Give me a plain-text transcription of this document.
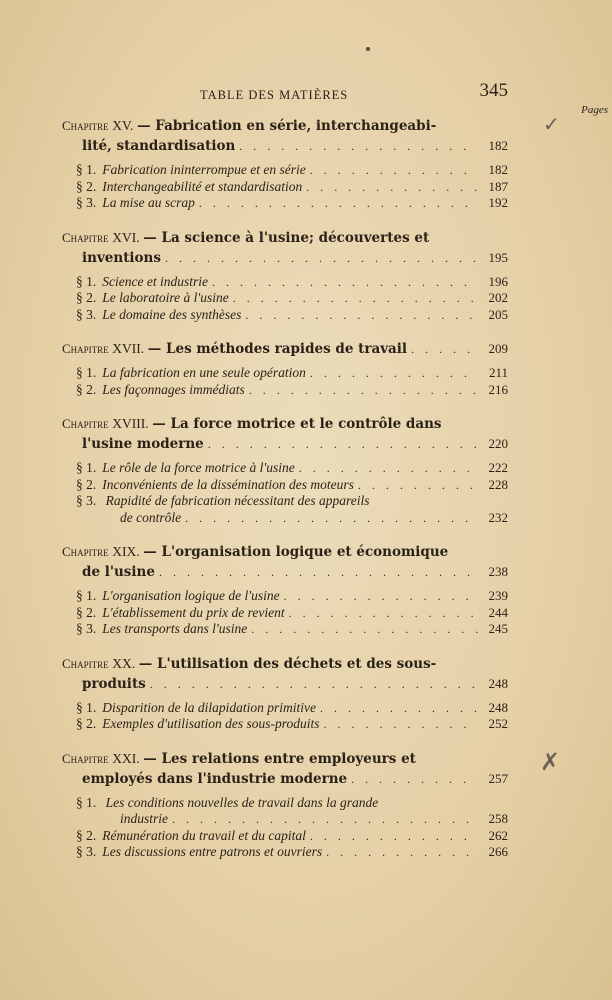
✓
✗
TABLE DES MATIÈRES	345
Pages
Chapitre XV. — Fabrication en série, interchangeabi-
lité, standardisation . . .	182
§ 1. Fabrication ininterrompue et en série . . .	182
§ 2. Interchangeabilité et standardisation . . .	187
§ 3. La mise au scrap . . .	192
Chapitre XVI. — La science à l'usine; découvertes et
inventions . . .	195
§ 1. Science et industrie . . .	196
§ 2. Le laboratoire à l'usine . . .	202
§ 3. Le domaine des synthèses . . .	205
Chapitre XVII. — Les méthodes rapides de travail . . .	209
§ 1. La fabrication en une seule opération . . .	211
§ 2. Les façonnages immédiats . . .	216
Chapitre XVIII. — La force motrice et le contrôle dans
l'usine moderne . . .	220
§ 1. Le rôle de la force motrice à l'usine . . .	222
§ 2. Inconvénients de la dissémination des moteurs . . .	228
§ 3. Rapidité de fabrication nécessitant des appareils
de contrôle . . .	232
Chapitre XIX. — L'organisation logique et économique
de l'usine . . .	238
§ 1. L'organisation logique de l'usine . . .	239
§ 2. L'établissement du prix de revient . . .	244
§ 3. Les transports dans l'usine . . .	245
Chapitre XX. — L'utilisation des déchets et des sous-
produits . . .	248
§ 1. Disparition de la dilapidation primitive . . .	248
§ 2. Exemples d'utilisation des sous-produits . . .	252
Chapitre XXI. — Les relations entre employeurs et
employés dans l'industrie moderne . . .	257
§ 1. Les conditions nouvelles de travail dans la grande
industrie . . .	258
§ 2. Rémunération du travail et du capital . . .	262
§ 3. Les discussions entre patrons et ouvriers . . .	266
